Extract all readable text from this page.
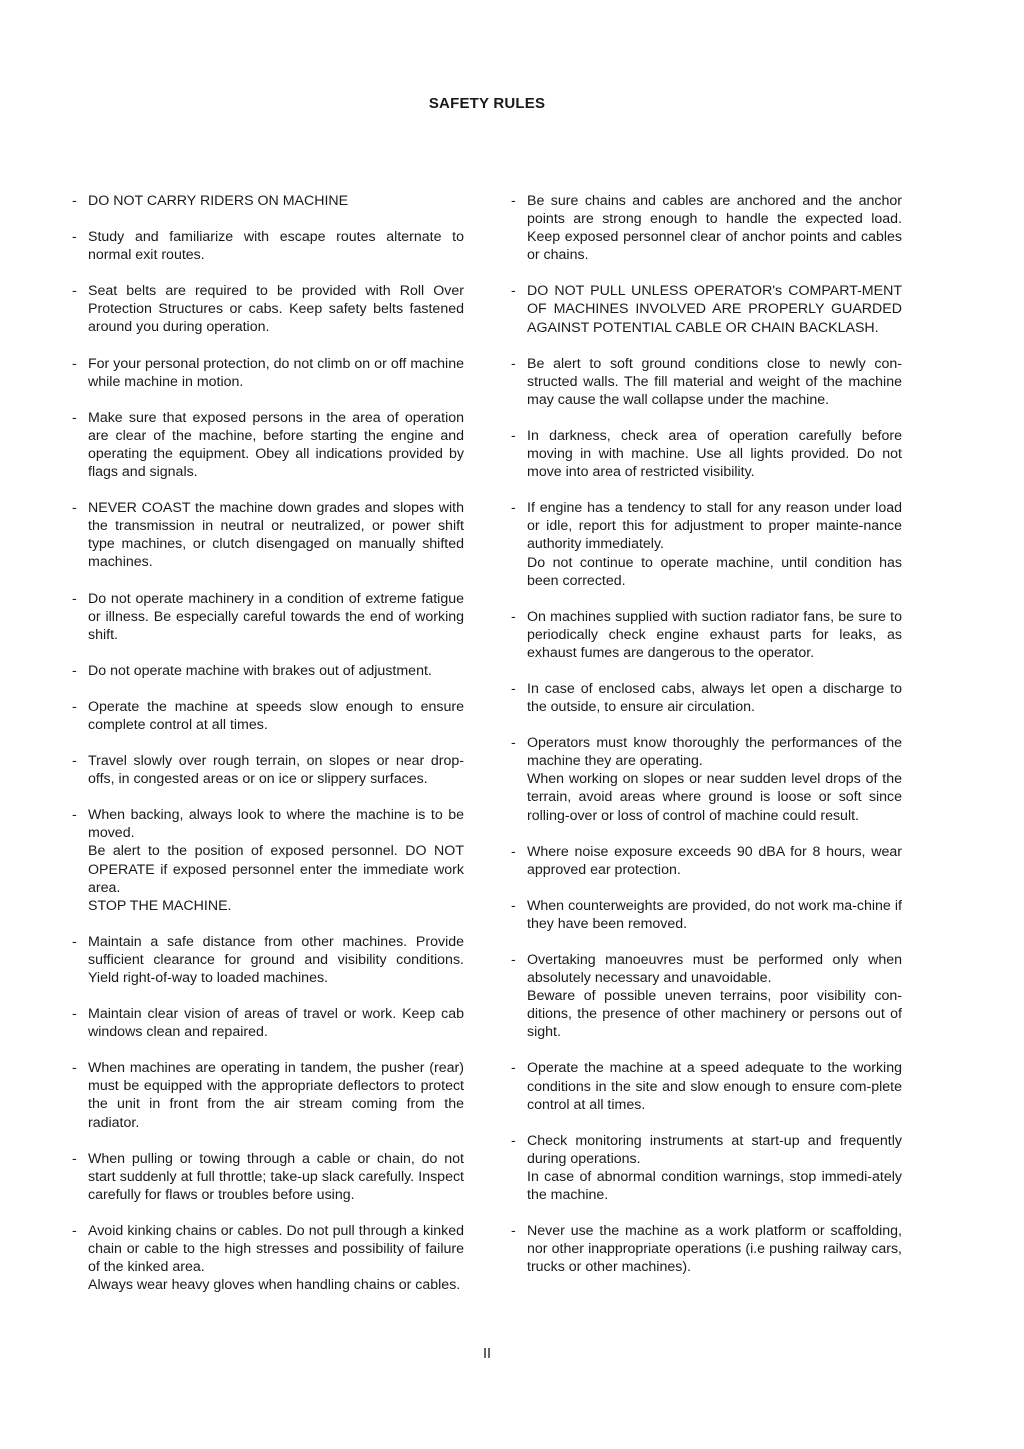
SAFETY RULES
- DO NOT CARRY RIDERS ON MACHINE
- Study and familiarize with escape routes alternate to normal exit routes.
- Seat belts are required to be provided with Roll Over Protection Structures or cabs. Keep safety belts fastened around you during operation.
- For your personal protection, do not climb on or off machine while machine in motion.
- Make sure that exposed persons in the area of operation are clear of the machine, before starting the engine and operating the equipment. Obey all indications provided by flags and signals.
- NEVER COAST the machine down grades and slopes with the transmission in neutral or neutralized, or power shift type machines, or clutch disengaged on manually shifted machines.
- Do not operate machinery in a condition of extreme fatigue or illness. Be especially careful towards the end of working shift.
- Do not operate machine with brakes out of adjustment.
- Operate the machine at speeds slow enough to ensure complete control at all times.
- Travel slowly over rough terrain, on slopes or near drop-offs, in congested areas or on ice or slippery surfaces.
- When backing, always look to where the machine is to be moved.
Be alert to the position of exposed personnel. DO NOT OPERATE if exposed personnel enter the immediate work area.
STOP THE MACHINE.
- Maintain a safe distance from other machines. Provide sufficient clearance for ground and visibility conditions. Yield right-of-way to loaded machines.
- Maintain clear vision of areas of travel or work. Keep cab windows clean and repaired.
- When machines are operating in tandem, the pusher (rear) must be equipped with the appropriate deflectors to protect the unit in front from the air stream coming from the radiator.
- When pulling or towing through a cable or chain, do not start suddenly at full throttle; take-up slack carefully. Inspect carefully for flaws or troubles before using.
- Avoid kinking chains or cables. Do not pull through a kinked chain or cable to the high stresses and possibility of failure of the kinked area.
Always wear heavy gloves when handling chains or cables.
- Be sure chains and cables are anchored and the anchor points are strong enough to handle the expected load. Keep exposed personnel clear of anchor points and cables or chains.
- DO NOT PULL UNLESS OPERATOR's COMPART-MENT OF MACHINES INVOLVED ARE PROPERLY GUARDED AGAINST POTENTIAL CABLE OR CHAIN BACKLASH.
- Be alert to soft ground conditions close to newly con-structed walls. The fill material and weight of the machine may cause the wall collapse under the machine.
- In darkness, check area of operation carefully before moving in with machine. Use all lights provided. Do not move into area of restricted visibility.
- If engine has a tendency to stall for any reason under load or idle, report this for adjustment to proper mainte-nance authority immediately.
Do not continue to operate machine, until condition has been corrected.
- On machines supplied with suction radiator fans, be sure to periodically check engine exhaust parts for leaks, as exhaust fumes are dangerous to the operator.
- In case of enclosed cabs, always let open a discharge to the outside, to ensure air circulation.
- Operators must know thoroughly the performances of the machine they are operating.
When working on slopes or near sudden level drops of the terrain, avoid areas where ground is loose or soft since rolling-over or loss of control of machine could result.
- Where noise exposure exceeds 90 dBA for 8 hours, wear approved ear protection.
- When counterweights are provided, do not work ma-chine if they have been removed.
- Overtaking manoeuvres must be performed only when absolutely necessary and unavoidable.
Beware of possible uneven terrains, poor visibility con-ditions, the presence of other machinery or persons out of sight.
- Operate the machine at a speed adequate to the working conditions in the site and slow enough to ensure com-plete control at all times.
- Check monitoring instruments at start-up and frequently during operations.
In case of abnormal condition warnings, stop immedi-ately the machine.
- Never use the machine as a work platform or scaffolding, nor other inappropriate operations (i.e pushing railway cars, trucks or other machines).

II
